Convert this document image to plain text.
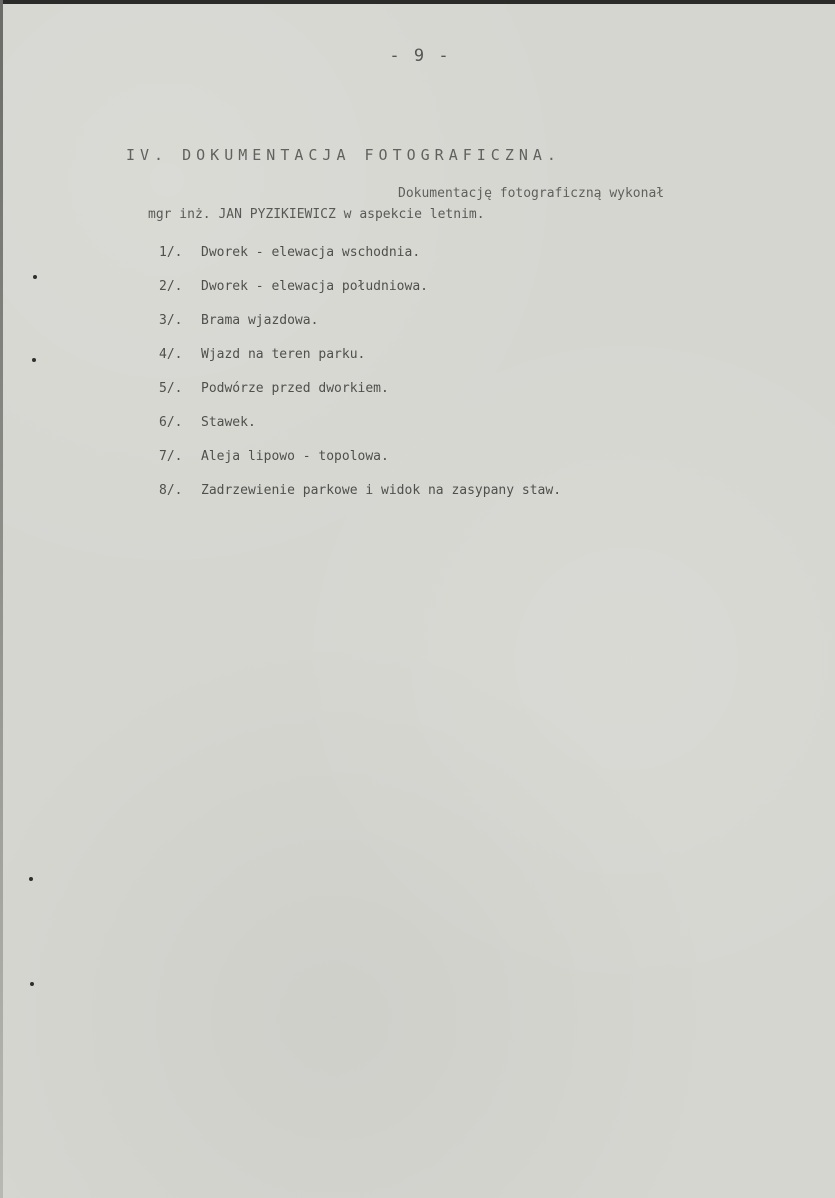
- 9 -
IV. DOKUMENTACJA FOTOGRAFICZNA.
Dokumentację fotograficzną wykonał
mgr inż. JAN PYZIKIEWICZ w aspekcie letnim.
1/. Dworek - elewacja wschodnia.
2/. Dworek - elewacja południowa.
3/. Brama wjazdowa.
4/. Wjazd na teren parku.
5/. Podwórze przed dworkiem.
6/. Stawek.
7/. Aleja lipowo - topolowa.
8/. Zadrzewienie parkowe i widok na zasypany staw.
